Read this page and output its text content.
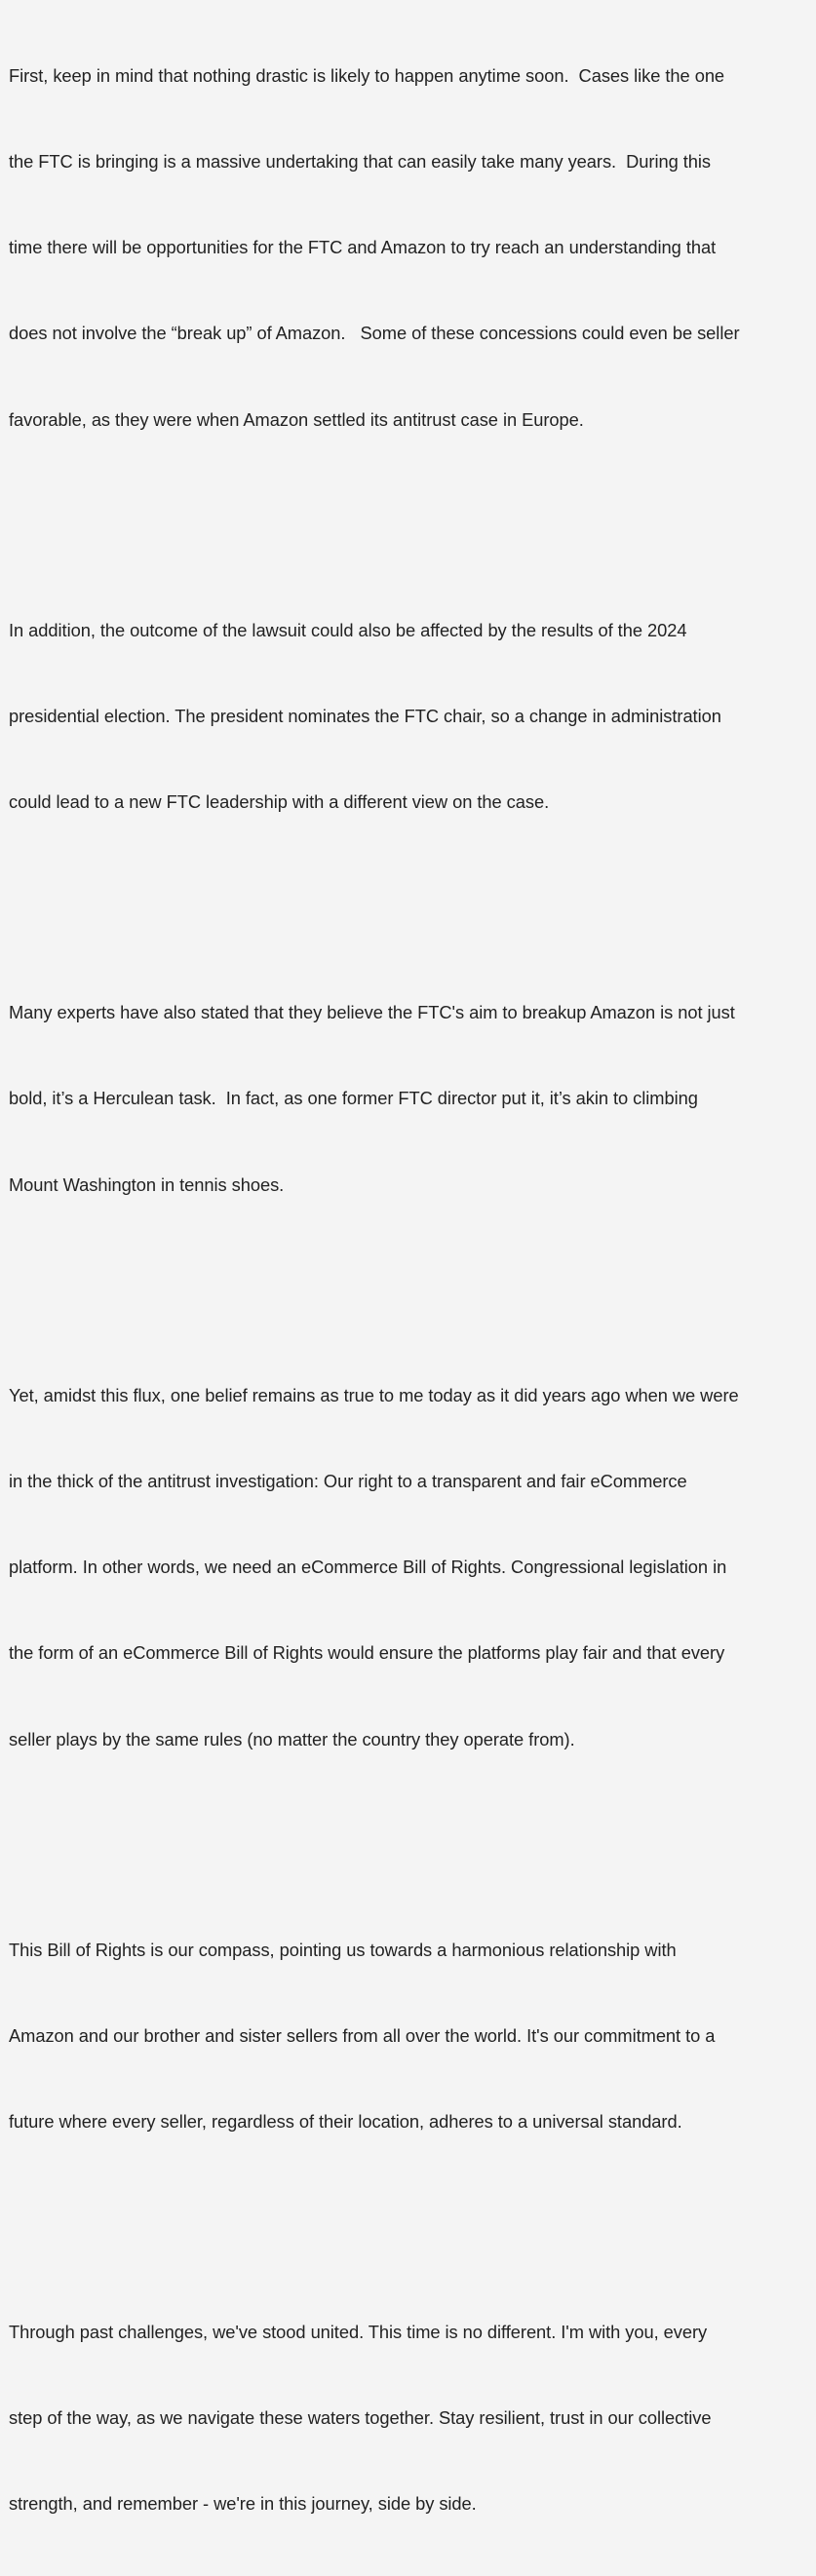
First, keep in mind that nothing drastic is likely to happen anytime soon.  Cases like the one

the FTC is bringing is a massive undertaking that can easily take many years.  During this

time there will be opportunities for the FTC and Amazon to try reach an understanding that

does not involve the “break up” of Amazon.   Some of these concessions could even be seller

favorable, as they were when Amazon settled its antitrust case in Europe.

In addition, the outcome of the lawsuit could also be affected by the results of the 2024

presidential election. The president nominates the FTC chair, so a change in administration

could lead to a new FTC leadership with a different view on the case.

Many experts have also stated that they believe the FTC's aim to breakup Amazon is not just

bold, it’s a Herculean task.  In fact, as one former FTC director put it, it’s akin to climbing

Mount Washington in tennis shoes.

Yet, amidst this flux, one belief remains as true to me today as it did years ago when we were

in the thick of the antitrust investigation: Our right to a transparent and fair eCommerce

platform. In other words, we need an eCommerce Bill of Rights. Congressional legislation in

the form of an eCommerce Bill of Rights would ensure the platforms play fair and that every

seller plays by the same rules (no matter the country they operate from).

This Bill of Rights is our compass, pointing us towards a harmonious relationship with

Amazon and our brother and sister sellers from all over the world. It's our commitment to a

future where every seller, regardless of their location, adheres to a universal standard.

Through past challenges, we've stood united. This time is no different. I'm with you, every

step of the way, as we navigate these waters together. Stay resilient, trust in our collective

strength, and remember - we're in this journey, side by side.
